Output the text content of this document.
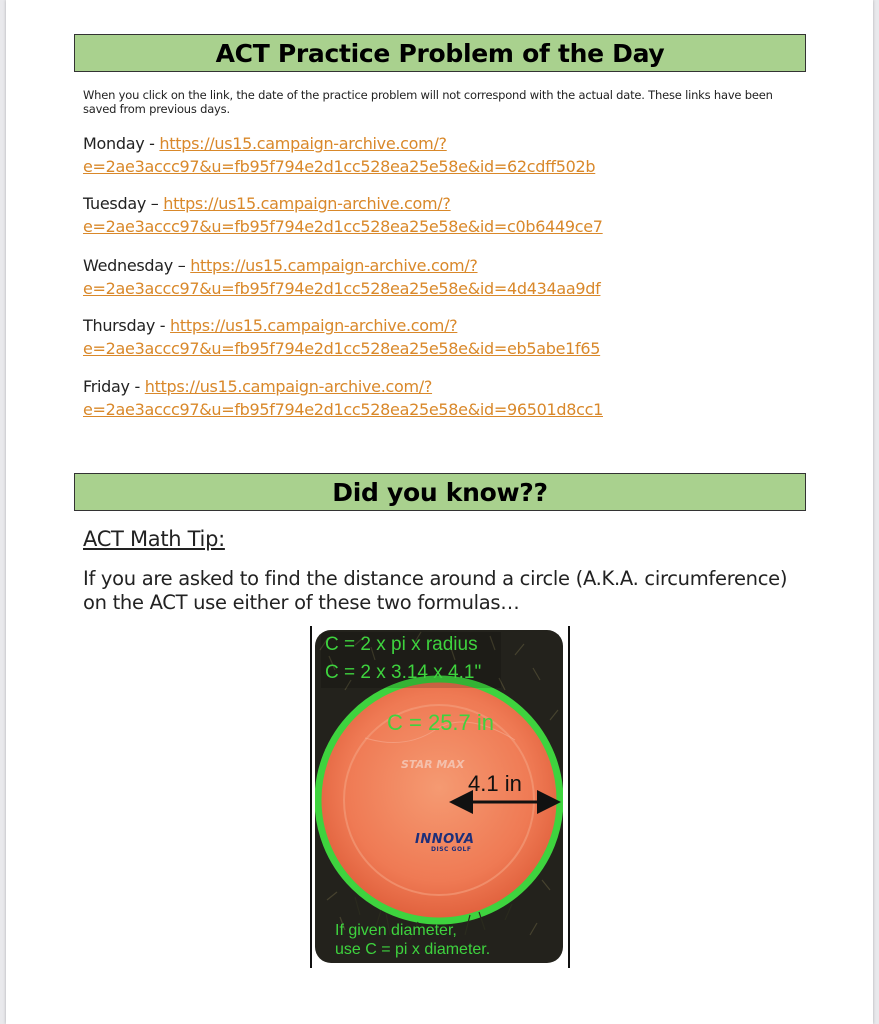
ACT Practice Problem of the Day
When you click on the link, the date of the practice problem will not correspond with the actual date. These links have been saved from previous days.
Monday - https://us15.campaign-archive.com/?e=2ae3accc97&u=fb95f794e2d1cc528ea25e58e&id=62cdff502b
Tuesday – https://us15.campaign-archive.com/?e=2ae3accc97&u=fb95f794e2d1cc528ea25e58e&id=c0b6449ce7
Wednesday – https://us15.campaign-archive.com/?e=2ae3accc97&u=fb95f794e2d1cc528ea25e58e&id=4d434aa9df
Thursday - https://us15.campaign-archive.com/?e=2ae3accc97&u=fb95f794e2d1cc528ea25e58e&id=eb5abe1f65
Friday - https://us15.campaign-archive.com/?e=2ae3accc97&u=fb95f794e2d1cc528ea25e58e&id=96501d8cc1
Did you know??
ACT Math Tip:
If you are asked to find the distance around a circle (A.K.A. circumference) on the ACT use either of these two formulas…
C = 2 x pi x radius
C = 2 x 3.14 x 4.1"
C = 25.7 in
4.1 in
STAR MAX
INNOVA
DISC GOLF
If given diameter,
use C = pi x diameter.
